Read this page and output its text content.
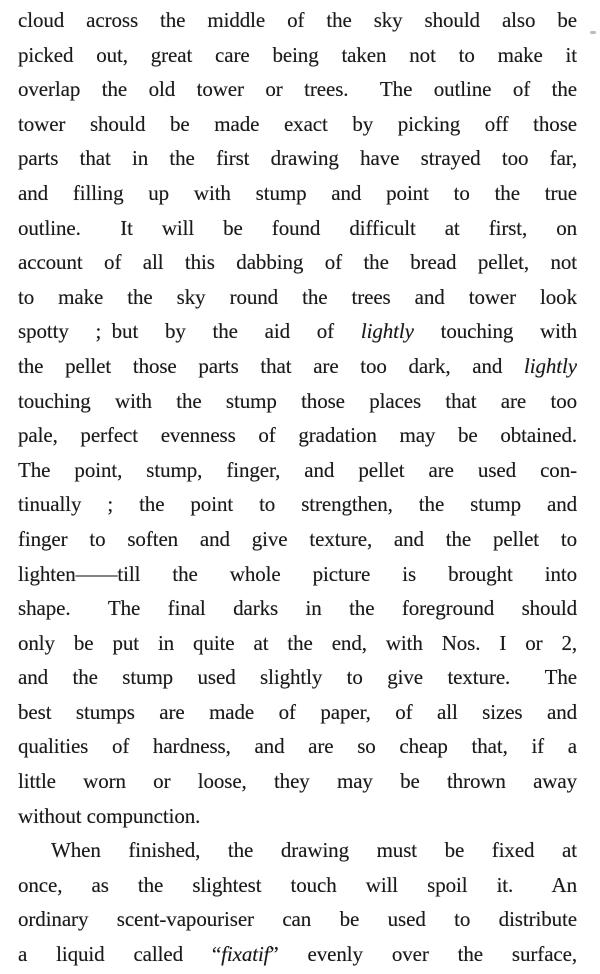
cloud across the middle of the sky should also be
picked out, great care being taken not to make it
overlap the old tower or trees.  The outline of the
tower should be made exact by picking off those
parts that in the first drawing have strayed too far,
and filling up with stump and point to the true
outline.  It will be found difficult at first, on
account of all this dabbing of the bread pellet, not
to make the sky round the trees and tower look
spotty ; but by the aid of lightly touching with
the pellet those parts that are too dark, and lightly
touching with the stump those places that are too
pale, perfect evenness of gradation may be obtained.
The point, stump, finger, and pellet are used con-
tinually ; the point to strengthen, the stump and
finger to soften and give texture, and the pellet to
lighten——till the whole picture is brought into
shape.  The final darks in the foreground should
only be put in quite at the end, with Nos. I or 2,
and the stump used slightly to give texture.  The
best stumps are made of paper, of all sizes and
qualities of hardness, and are so cheap that, if a
little worn or loose, they may be thrown away
without compunction.
When finished, the drawing must be fixed at
once, as the slightest touch will spoil it.  An
ordinary scent-vapouriser can be used to distribute
a liquid called “fixatif” evenly over the surface,
